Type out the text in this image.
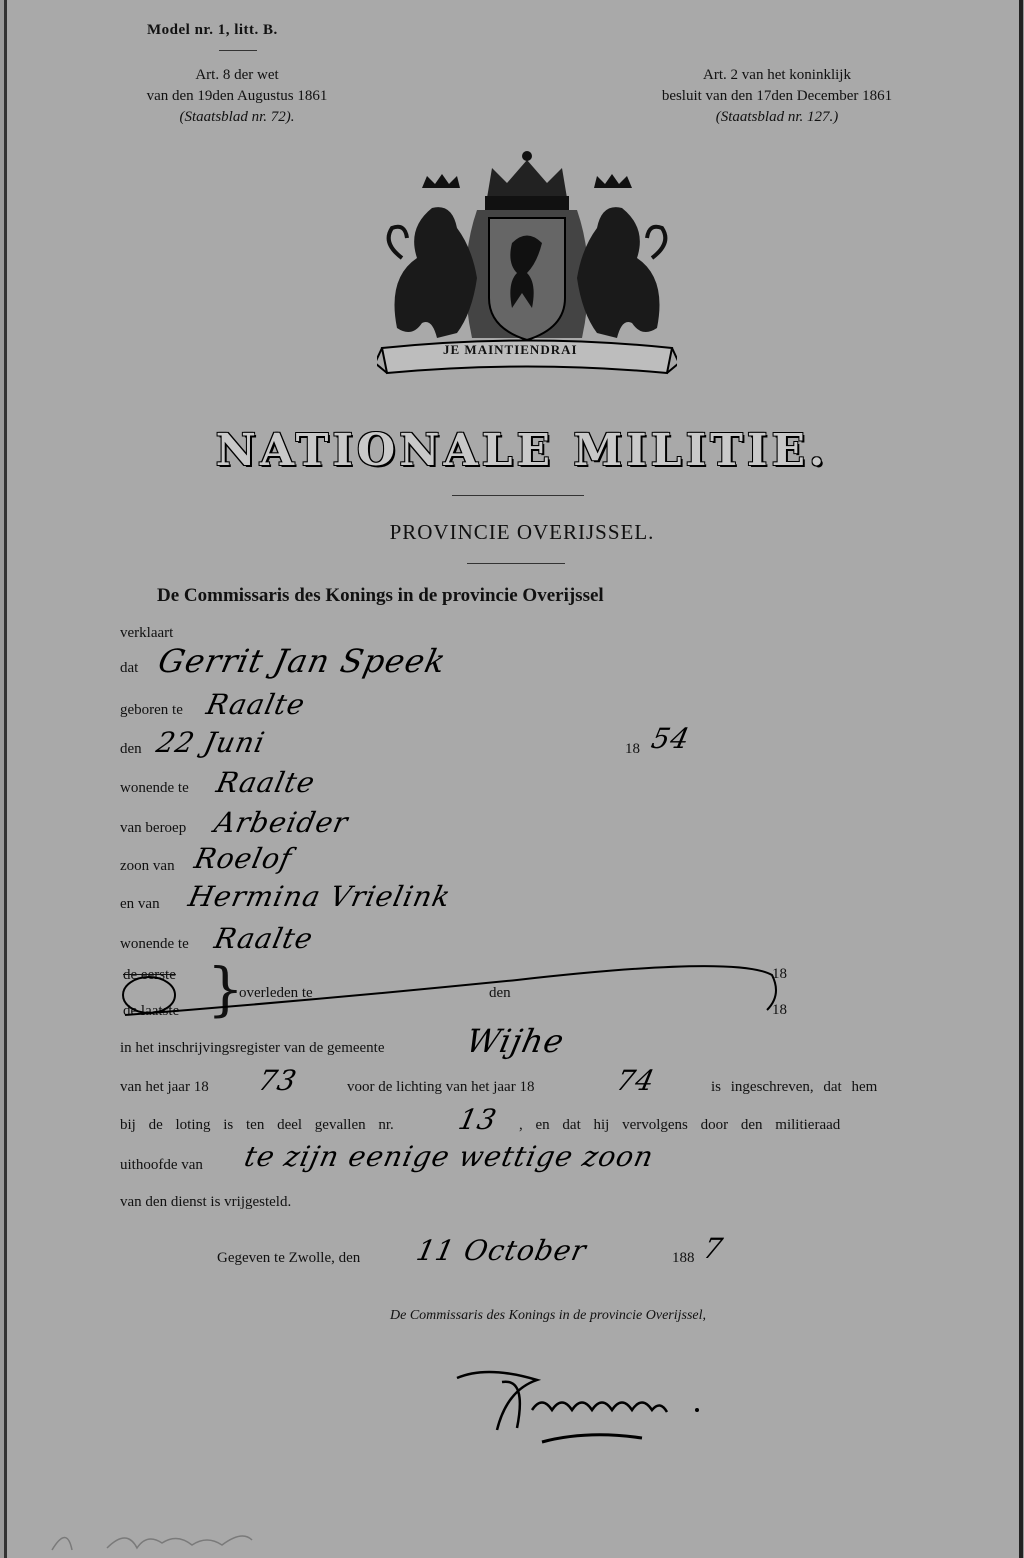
Model nr. 1, litt. B.
Art. 8 der wet
van den 19den Augustus 1861
(Staatsblad nr. 72).
Art. 2 van het koninklijk
besluit van den 17den December 1861
(Staatsblad nr. 127.)
JE MAINTIENDRAI
NATIONALE MILITIE.
PROVINCIE OVERIJSSEL.
De Commissaris des Konings in de provincie Overijssel
verklaart
dat Gerrit Jan Speek
geboren te Raalte
den 22 Juni	18 54
wonende te Raalte
van beroep Arbeider
zoon van Roelof
en van Hermina Vrielink
wonende te Raalte
de eerste
de laatste }
overleden te	den
18
18
in het inschrijvingsregister van de gemeente Wijhe
van het jaar 18 73	voor de lichting van het jaar 18	74	is ingeschreven, dat hem
bij de loting is ten deel gevallen nr. 13 , en dat hij vervolgens door den militieraad
uithoofde van te zijn eenige wettige zoon
van den dienst is vrijgesteld.
Gegeven te Zwolle, den 11 October	188 7
De Commissaris des Konings in de provincie Overijssel,
